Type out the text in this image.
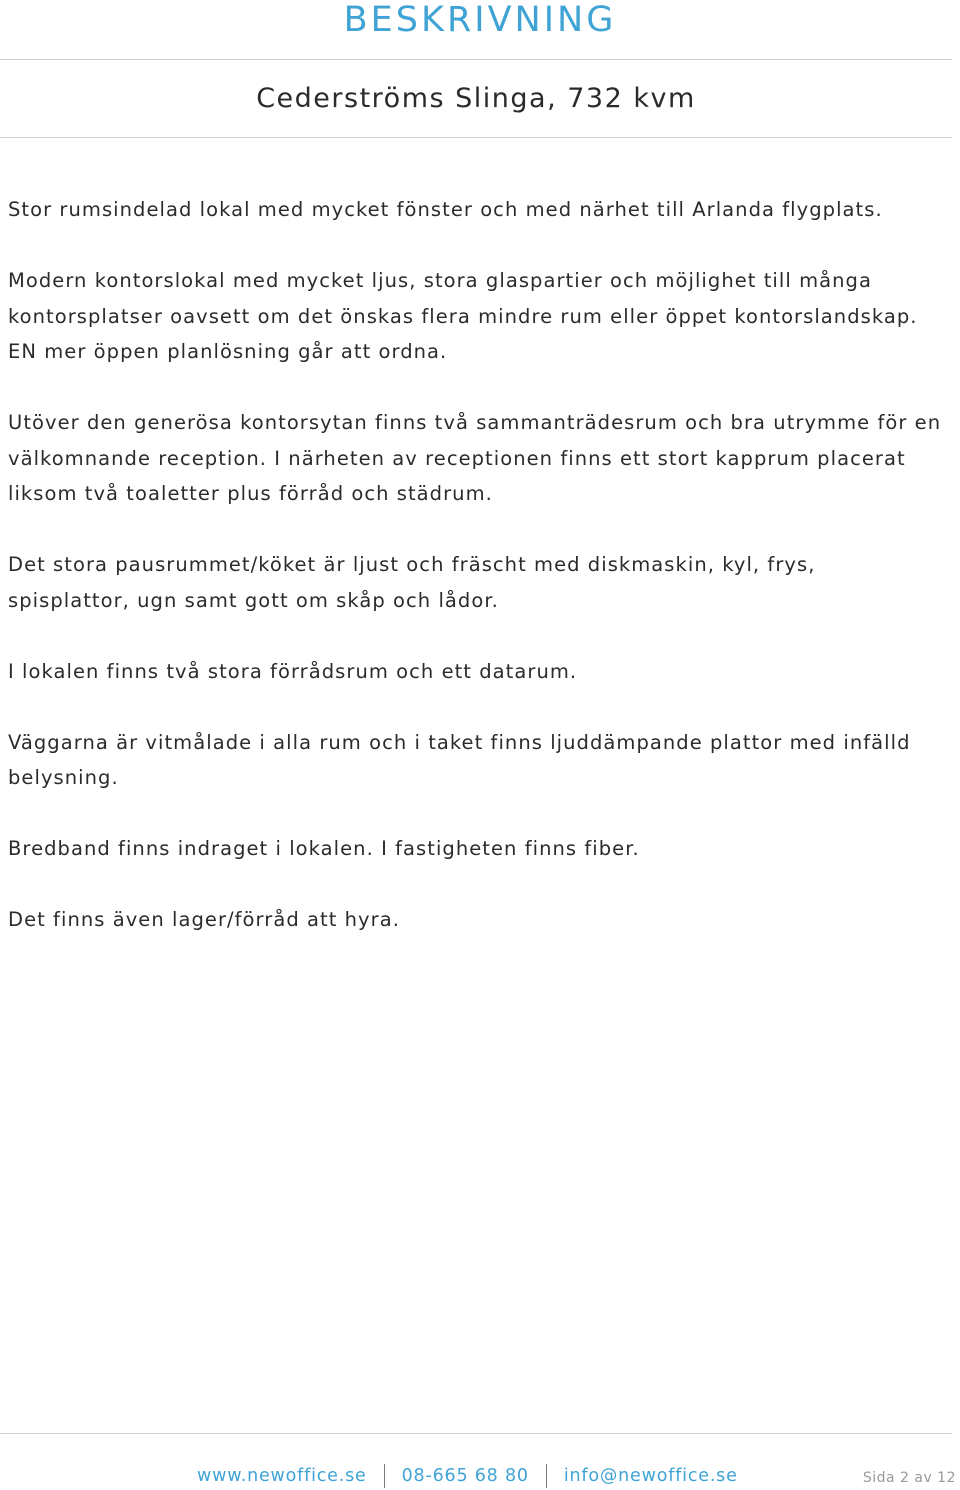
BESKRIVNING
Cederströms Slinga, 732 kvm

Stor rumsindelad lokal med mycket fönster och med närhet till Arlanda flygplats.

Modern kontorslokal med mycket ljus, stora glaspartier och möjlighet till många kontorsplatser oavsett om det önskas flera mindre rum eller öppet kontorslandskap. EN mer öppen planlösning går att ordna.

Utöver den generösa kontorsytan finns två sammanträdesrum och bra utrymme för en välkomnande reception. I närheten av receptionen finns ett stort kapprum placerat liksom två toaletter plus förråd och städrum.

Det stora pausrummet/köket är ljust och fräscht med diskmaskin, kyl, frys, spisplattor, ugn samt gott om skåp och lådor.

I lokalen finns två stora förrådsrum och ett datarum.

Väggarna är vitmålade i alla rum och i taket finns ljuddämpande plattor med infälld belysning.

Bredband finns indraget i lokalen. I fastigheten finns fiber.

Det finns även lager/förråd att hyra.

www.newoffice.se 08-665 68 80 info@newoffice.se	Sida 2 av 12
